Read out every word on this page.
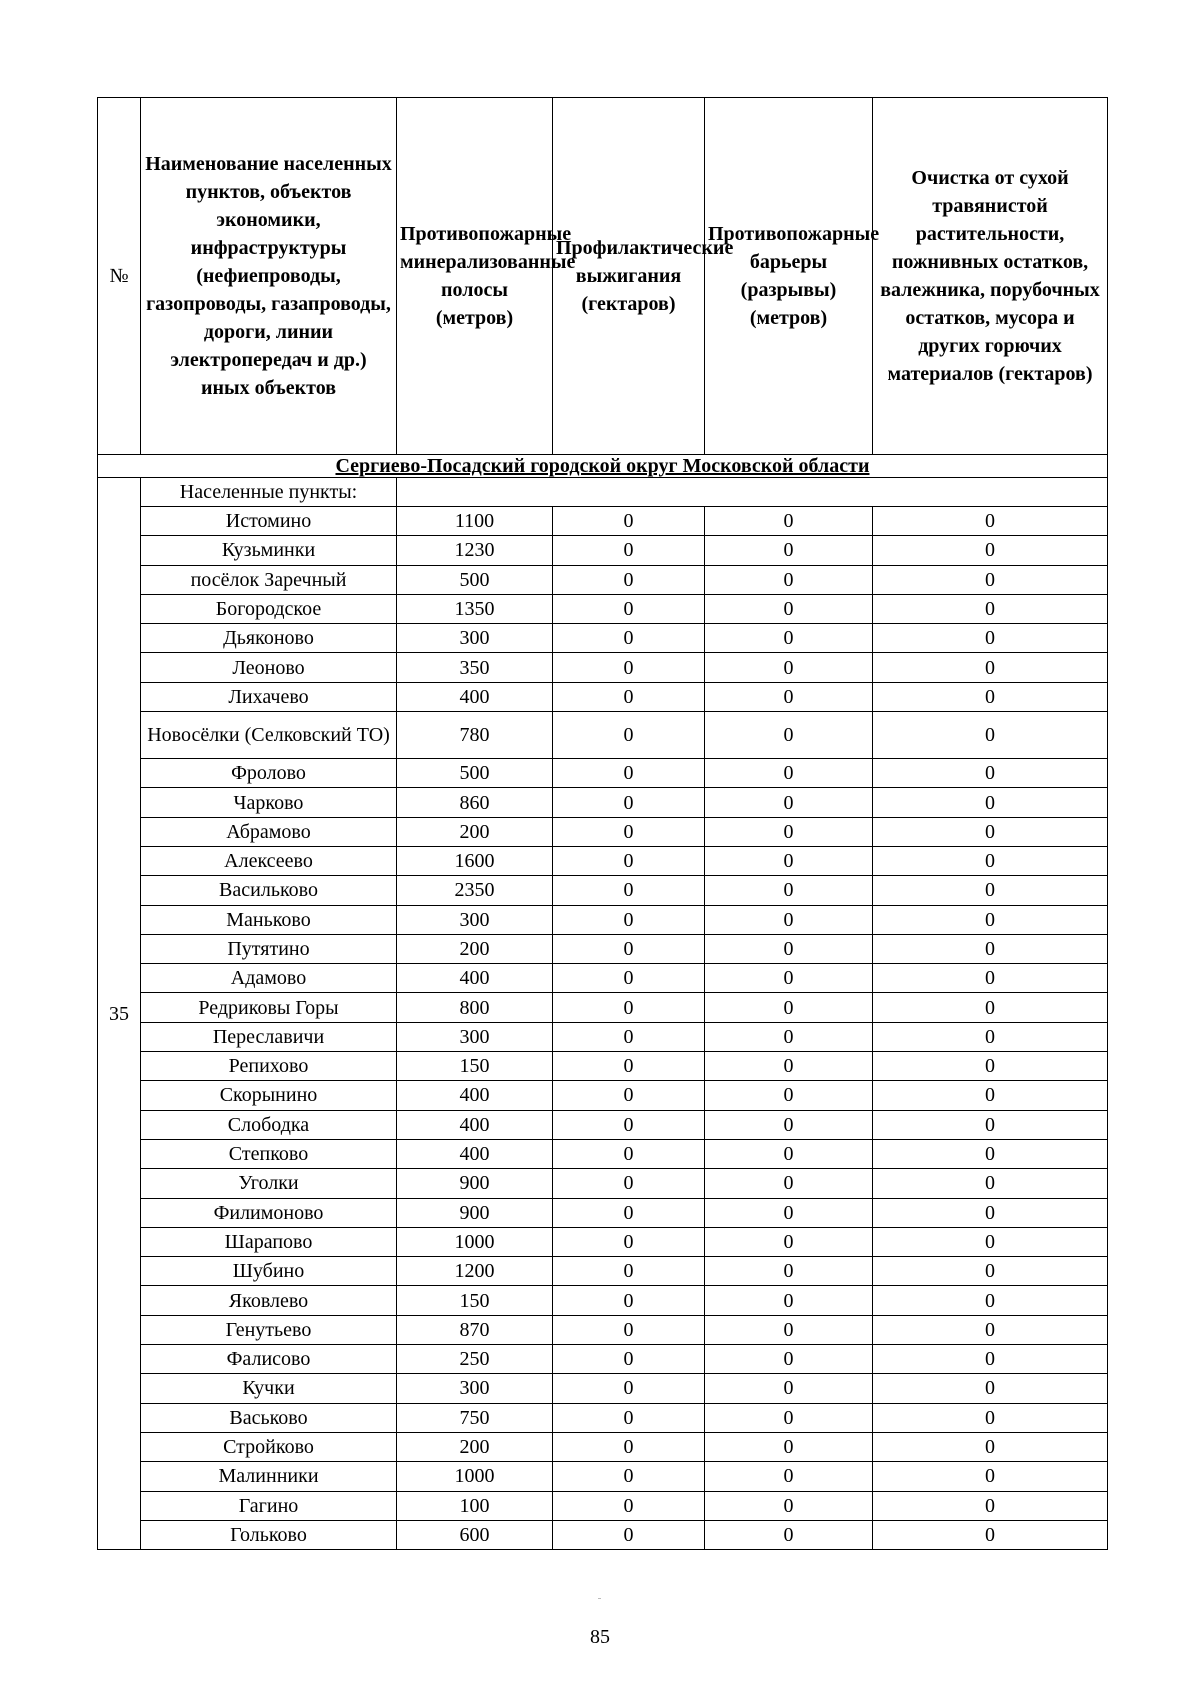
№	Наименование населенных пунктов, объектов экономики, инфраструктуры (нефиепроводы, газопроводы, газапроводы, дороги, линии электропередач и др.) иных объектов	Противопожарные минерализованные полосы (метров)	Профилактические выжигания (гектаров)	Противопожарные барьеры (разрывы) (метров)	Очистка от сухой травянистой растительности, пожнивных остатков, валежника, порубочных остатков, мусора и других горючих материалов (гектаров)
Сергиево-Посадский городской округ Московской области					
35	Населенные пункты:				
	Истомино	1100	0	0	0
	Кузьминки	1230	0	0	0
	посёлок Заречный	500	0	0	0
	Богородское	1350	0	0	0
	Дьяконово	300	0	0	0
	Леоново	350	0	0	0
	Лихачево	400	0	0	0
	Новосёлки (Селковский ТО)	780	0	0	0
	Фролово	500	0	0	0
	Чарково	860	0	0	0
	Абрамово	200	0	0	0
	Алексеево	1600	0	0	0
	Васильково	2350	0	0	0
	Маньково	300	0	0	0
	Путятино	200	0	0	0
	Адамово	400	0	0	0
	Редриковы Горы	800	0	0	0
	Переславичи	300	0	0	0
	Репихово	150	0	0	0
	Скорынино	400	0	0	0
	Слободка	400	0	0	0
	Степково	400	0	0	0
	Уголки	900	0	0	0
	Филимоново	900	0	0	0
	Шарапово	1000	0	0	0
	Шубино	1200	0	0	0
	Яковлево	150	0	0	0
	Генутьево	870	0	0	0
	Фалисово	250	0	0	0
	Кучки	300	0	0	0
	Васьково	750	0	0	0
	Стройково	200	0	0	0
	Малинники	1000	0	0	0
	Гагино	100	0	0	0
	Гольково	600	0	0	0
85
